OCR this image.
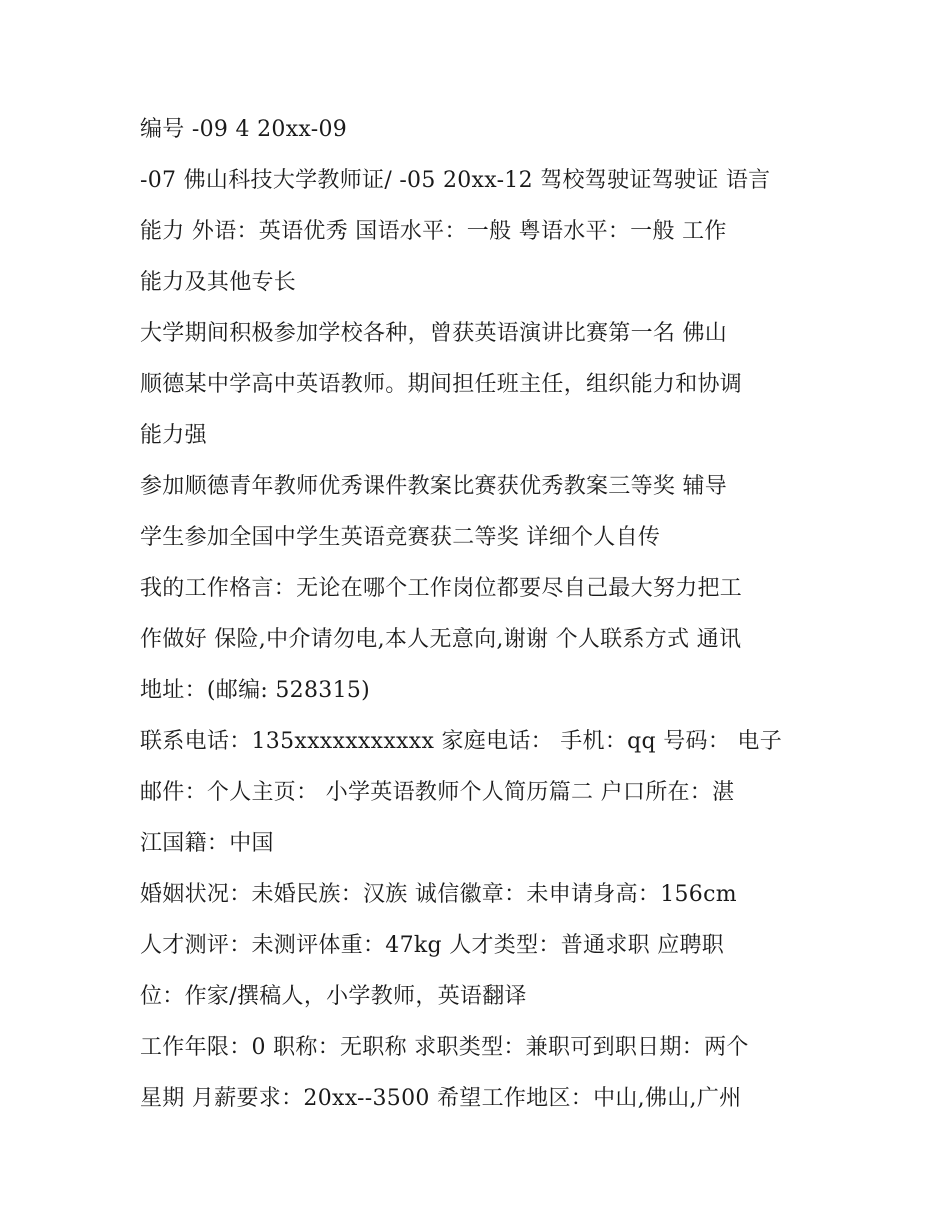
编号 -09 4 20xx-09
-07 佛山科技大学教师证/ -05 20xx-12 驾校驾驶证驾驶证 语言
能力 外语：英语优秀 国语水平：一般 粤语水平：一般 工作
能力及其他专长
大学期间积极参加学校各种，曾获英语演讲比赛第一名 佛山
顺德某中学高中英语教师。期间担任班主任，组织能力和协调
能力强
参加顺德青年教师优秀课件教案比赛获优秀教案三等奖 辅导
学生参加全国中学生英语竞赛获二等奖 详细个人自传
我的工作格言：无论在哪个工作岗位都要尽自己最大努力把工
作做好 保险,中介请勿电,本人无意向,谢谢 个人联系方式 通讯
地址：(邮编: 528315)
联系电话：135xxxxxxxxxxx 家庭电话： 手机：qq 号码： 电子
邮件：个人主页： 小学英语教师个人简历篇二 户口所在：湛
江国籍：中国
婚姻状况：未婚民族：汉族 诚信徽章：未申请身高：156cm
人才测评：未测评体重：47kg 人才类型：普通求职 应聘职
位：作家/撰稿人，小学教师，英语翻译
工作年限：0 职称：无职称 求职类型：兼职可到职日期：两个
星期 月薪要求：20xx--3500 希望工作地区：中山,佛山,广州
